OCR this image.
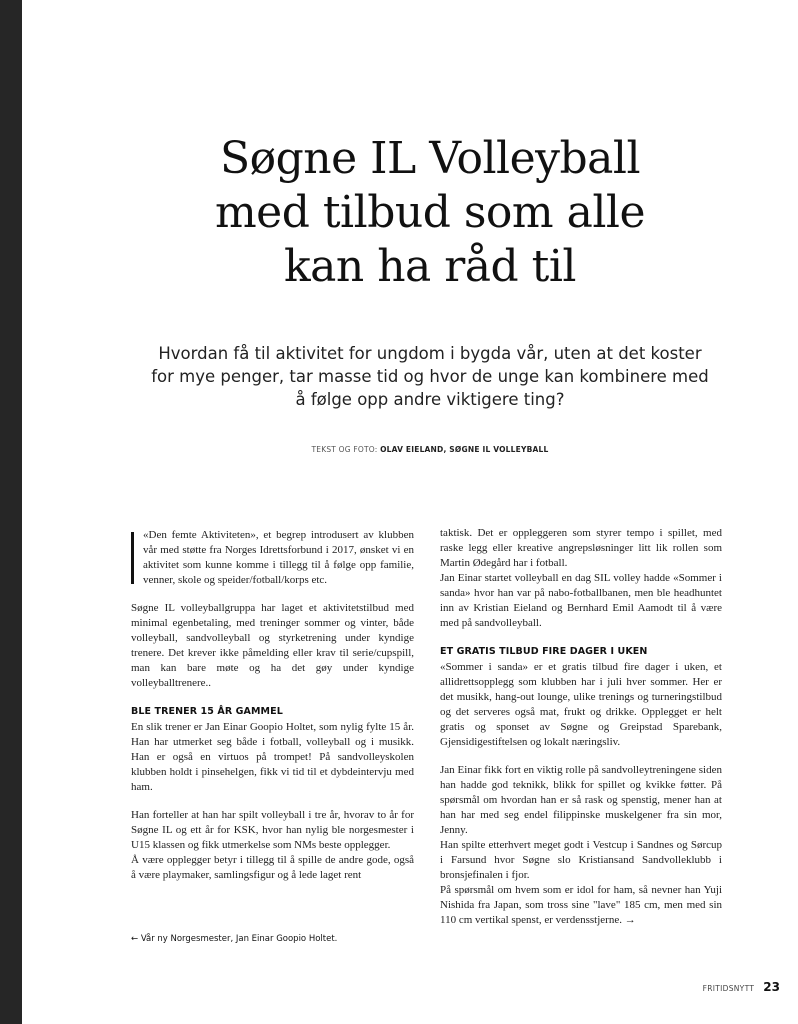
Søgne IL Volleyball
med tilbud som alle
kan ha råd til

Hvordan få til aktivitet for ungdom i bygda vår, uten at det koster
for mye penger, tar masse tid og hvor de unge kan kombinere med
å følge opp andre viktigere ting?

TEKST OG FOTO: OLAV EIELAND, SØGNE IL VOLLEYBALL

«Den femte Aktiviteten», et begrep introdusert av klubben vår med støtte fra Norges Idrettsforbund i 2017, ønsket vi en aktivitet som kunne komme i tillegg til å følge opp familie, venner, skole og speider/fotball/korps etc.

Søgne IL volleyballgruppa har laget et aktivitetstilbud med minimal egenbetaling, med treninger sommer og vinter, både volleyball, sandvolleyball og styrketrening under kyndige trenere. Det krever ikke påmelding eller krav til serie/cupspill, man kan bare møte og ha det gøy under kyndige volleyballtrenere..

BLE TRENER 15 ÅR GAMMEL

En slik trener er Jan Einar Goopio Holtet, som nylig fylte 15 år. Han har utmerket seg både i fotball, volleyball og i musikk. Han er også en virtuos på trompet! På sandvolleyskolen klubben holdt i pinsehelgen, fikk vi tid til et dybdeintervju med ham.

Han forteller at han har spilt volleyball i tre år, hvorav to år for Søgne IL og ett år for KSK, hvor han nylig ble norgesmester i U15 klassen og fikk utmerkelse som NMs beste opplegger.

Å være opplegger betyr i tillegg til å spille de andre gode, også å være playmaker, samlingsfigur og å lede laget rent

taktisk. Det er oppleggeren som styrer tempo i spillet, med raske legg eller kreative angrepsløsninger litt lik rollen som Martin Ødegård har i fotball.

Jan Einar startet volleyball en dag SIL volley hadde «Sommer i sanda» hvor han var på nabo-fotballbanen, men ble headhuntet inn av Kristian Eieland og Bernhard Emil Aamodt til å være med på sandvolleyball.

ET GRATIS TILBUD FIRE DAGER I UKEN

«Sommer i sanda» er et gratis tilbud fire dager i uken, et allidrettsopplegg som klubben har i juli hver sommer. Her er det musikk, hang-out lounge, ulike trenings og turneringstilbud og det serveres også mat, frukt og drikke. Opplegget er helt gratis og sponset av Søgne og Greipstad Sparebank, Gjensidigestiftelsen og lokalt næringsliv.

Jan Einar fikk fort en viktig rolle på sandvolleytreningene siden han hadde god teknikk, blikk for spillet og kvikke føtter. På spørsmål om hvordan han er så rask og spenstig, mener han at han har med seg endel filippinske muskelgener fra sin mor, Jenny.

Han spilte etterhvert meget godt i Vestcup i Sandnes og Sørcup i Farsund hvor Søgne slo Kristiansand Sandvolleklubb i bronsjefinalen i fjor.

På spørsmål om hvem som er idol for ham, så nevner han Yuji Nishida fra Japan, som tross sine "lave" 185 cm, men med sin 110 cm vertikal spenst, er verdensstjerne. →

← Vår ny Norgesmester, Jan Einar Goopio Holtet.
FRITIDSNYTT 23
